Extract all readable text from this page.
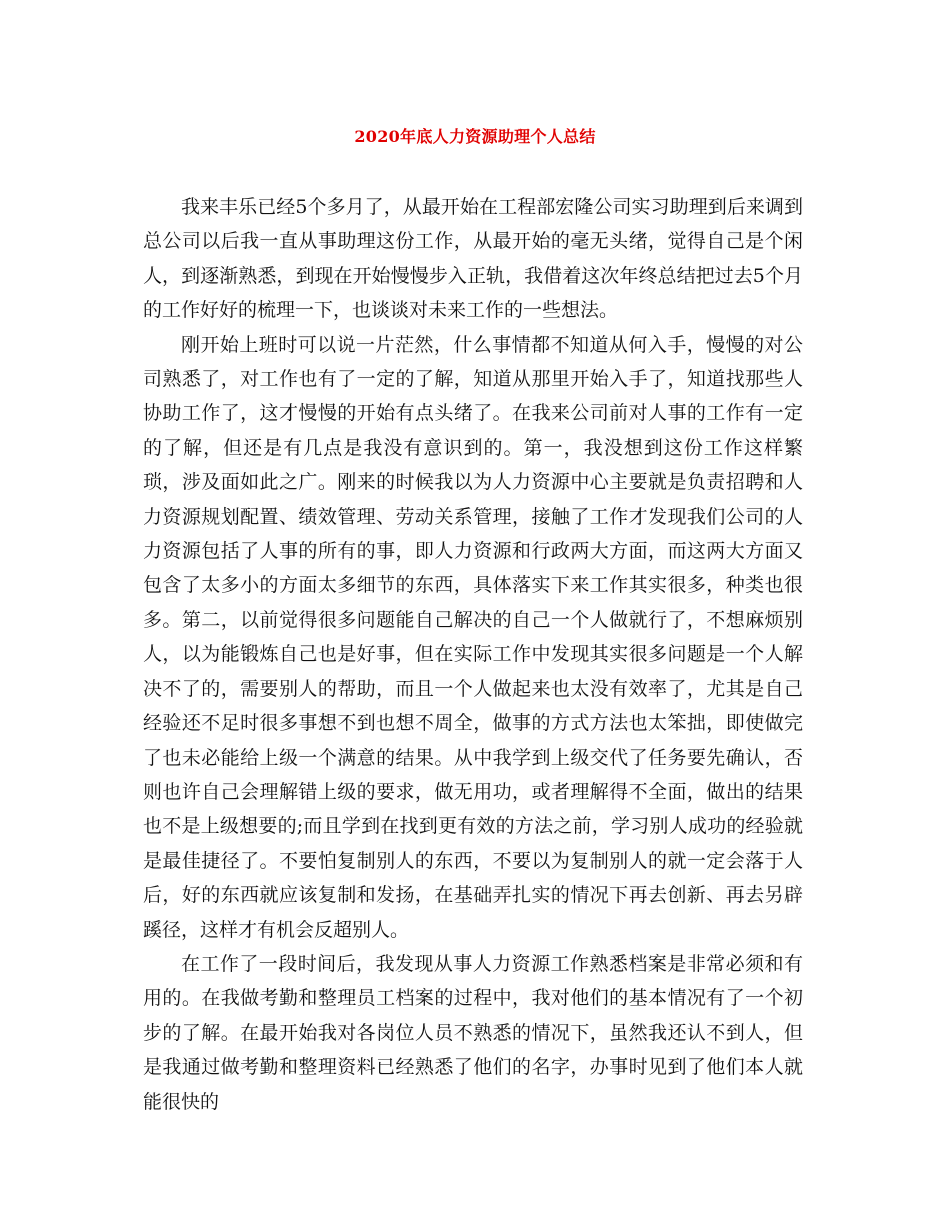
2020年底人力资源助理个人总结

我来丰乐已经5个多月了，从最开始在工程部宏隆公司实习助理到后来调到总公司以后我一直从事助理这份工作，从最开始的毫无头绪，觉得自己是个闲人，到逐渐熟悉，到现在开始慢慢步入正轨，我借着这次年终总结把过去5个月的工作好好的梳理一下，也谈谈对未来工作的一些想法。

刚开始上班时可以说一片茫然，什么事情都不知道从何入手，慢慢的对公司熟悉了，对工作也有了一定的了解，知道从那里开始入手了，知道找那些人协助工作了，这才慢慢的开始有点头绪了。在我来公司前对人事的工作有一定的了解，但还是有几点是我没有意识到的。第一，我没想到这份工作这样繁琐，涉及面如此之广。刚来的时候我以为人力资源中心主要就是负责招聘和人力资源规划配置、绩效管理、劳动关系管理，接触了工作才发现我们公司的人力资源包括了人事的所有的事，即人力资源和行政两大方面，而这两大方面又包含了太多小的方面太多细节的东西，具体落实下来工作其实很多，种类也很多。第二，以前觉得很多问题能自己解决的自己一个人做就行了，不想麻烦别人，以为能锻炼自己也是好事，但在实际工作中发现其实很多问题是一个人解决不了的，需要别人的帮助，而且一个人做起来也太没有效率了，尤其是自己经验还不足时很多事想不到也想不周全，做事的方式方法也太笨拙，即使做完了也未必能给上级一个满意的结果。从中我学到上级交代了任务要先确认，否则也许自己会理解错上级的要求，做无用功，或者理解得不全面，做出的结果也不是上级想要的;而且学到在找到更有效的方法之前，学习别人成功的经验就是最佳捷径了。不要怕复制别人的东西，不要以为复制别人的就一定会落于人后，好的东西就应该复制和发扬，在基础弄扎实的情况下再去创新、再去另辟蹊径，这样才有机会反超别人。

在工作了一段时间后，我发现从事人力资源工作熟悉档案是非常必须和有用的。在我做考勤和整理员工档案的过程中，我对他们的基本情况有了一个初步的了解。在最开始我对各岗位人员不熟悉的情况下，虽然我还认不到人，但是我通过做考勤和整理资料已经熟悉了他们的名字，办事时见到了他们本人就能很快的
